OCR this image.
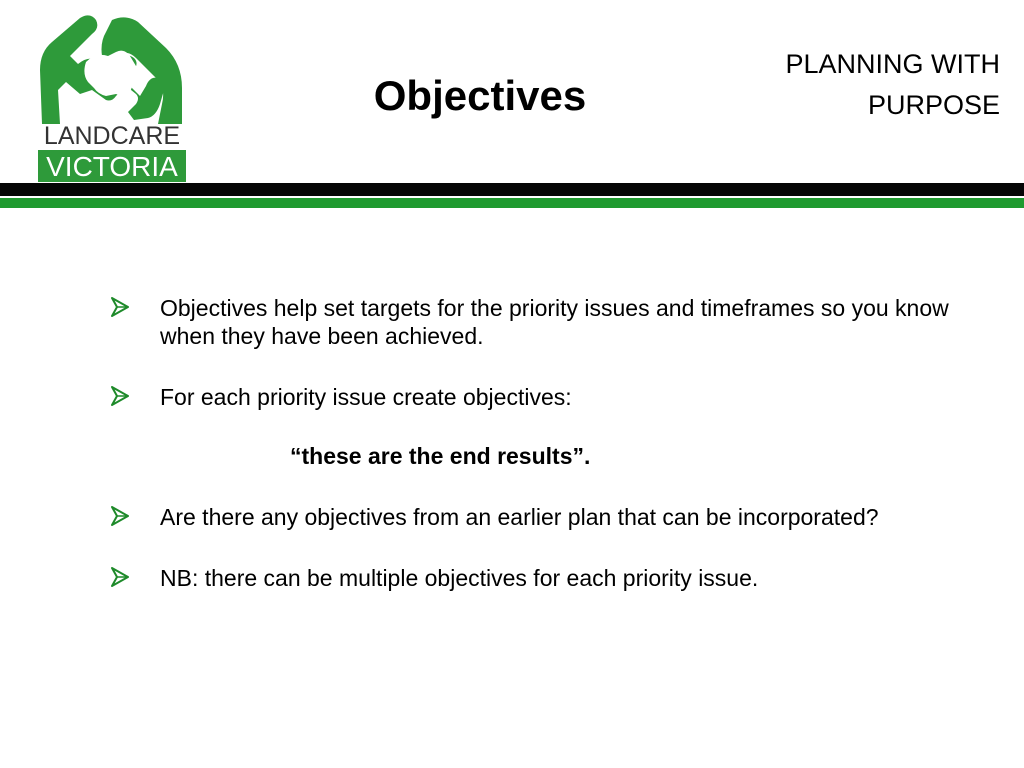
LANDCARE
VICTORIA
Objectives
PLANNING WITH
PURPOSE
Objectives help set targets for the priority issues and timeframes so you know when they have been achieved.
For each priority issue create objectives:
“these are the end results”.
Are there any objectives from an earlier plan that can be incorporated?
NB: there can be multiple objectives for each priority issue.
